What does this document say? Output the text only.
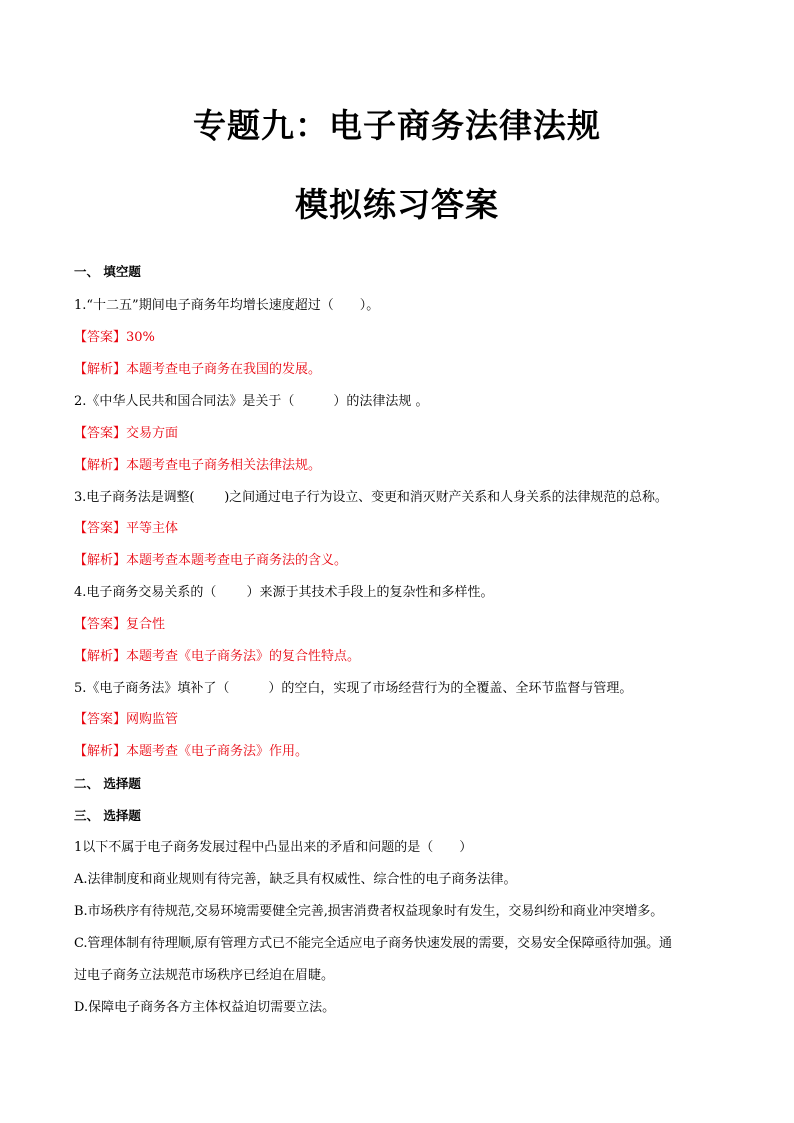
专题九：电子商务法律法规
模拟练习答案
一、 填空题
1.“十二五”期间电子商务年均增长速度超过（　　）。
【答案】30%
【解析】本题考查电子商务在我国的发展。
2.《中华人民共和国合同法》是关于（　　　）的法律法规 。
【答案】交易方面
【解析】本题考查电子商务相关法律法规。
3.电子商务法是调整(　　 )之间通过电子行为设立、变更和消灭财产关系和人身关系的法律规范的总称。
【答案】平等主体
【解析】本题考查本题考查电子商务法的含义。
4.电子商务交易关系的（　　 ）来源于其技术手段上的复杂性和多样性。
【答案】复合性
【解析】本题考查《电子商务法》的复合性特点。
5.《电子商务法》填补了（　　　）的空白，实现了市场经营行为的全覆盖、全环节监督与管理。
【答案】网购监管
【解析】本题考查《电子商务法》作用。
二、 选择题
三、 选择题
1以下不属于电子商务发展过程中凸显出来的矛盾和问题的是（　　）
A.法律制度和商业规则有待完善，缺乏具有权威性、综合性的电子商务法律。
B.市场秩序有待规范,交易环境需要健全完善,损害消费者权益现象时有发生，交易纠纷和商业冲突增多。
C.管理体制有待理顺,原有管理方式已不能完全适应电子商务快速发展的需要，交易安全保障亟待加强。通
过电子商务立法规范市场秩序已经迫在眉睫。
D.保障电子商务各方主体权益迫切需要立法。
